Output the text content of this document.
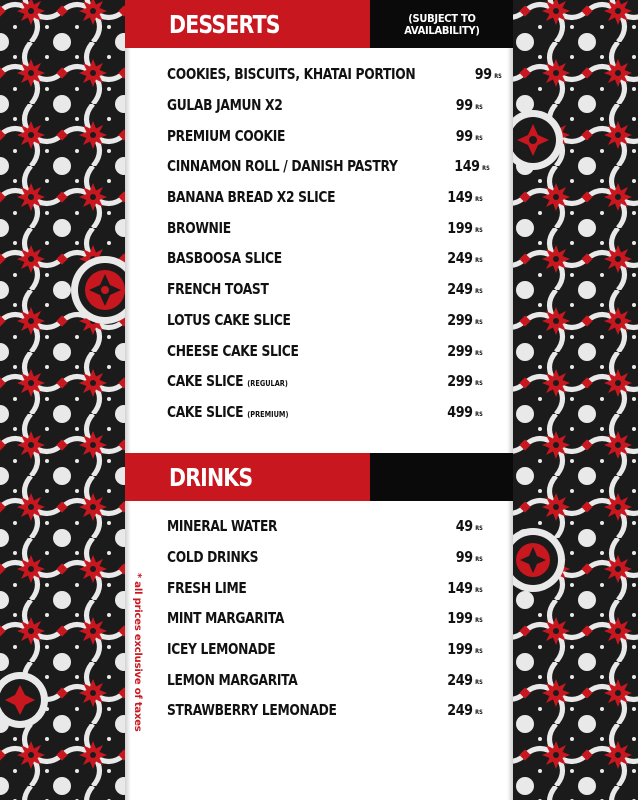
DESSERTS	(SUBJECT TO
AVAILABILITY)
COOKIES, BISCUITS, KHATAI PORTION	99 RS
GULAB JAMUN X2	99 RS
PREMIUM COOKIE	99 RS
CINNAMON ROLL / DANISH PASTRY	149 RS
BANANA BREAD X2 SLICE	149 RS
BROWNIE	199 RS
BASBOOSA SLICE	249 RS
FRENCH TOAST	249 RS
LOTUS CAKE SLICE	299 RS
CHEESE CAKE SLICE	299 RS
CAKE SLICE (REGULAR)	299 RS
CAKE SLICE (PREMIUM)	499 RS
DRINKS
MINERAL WATER	49 RS
COLD DRINKS	99 RS
FRESH LIME	149 RS
MINT MARGARITA	199 RS
ICEY LEMONADE	199 RS
LEMON MARGARITA	249 RS
STRAWBERRY LEMONADE	249 RS
* all prices exclusive of taxes
